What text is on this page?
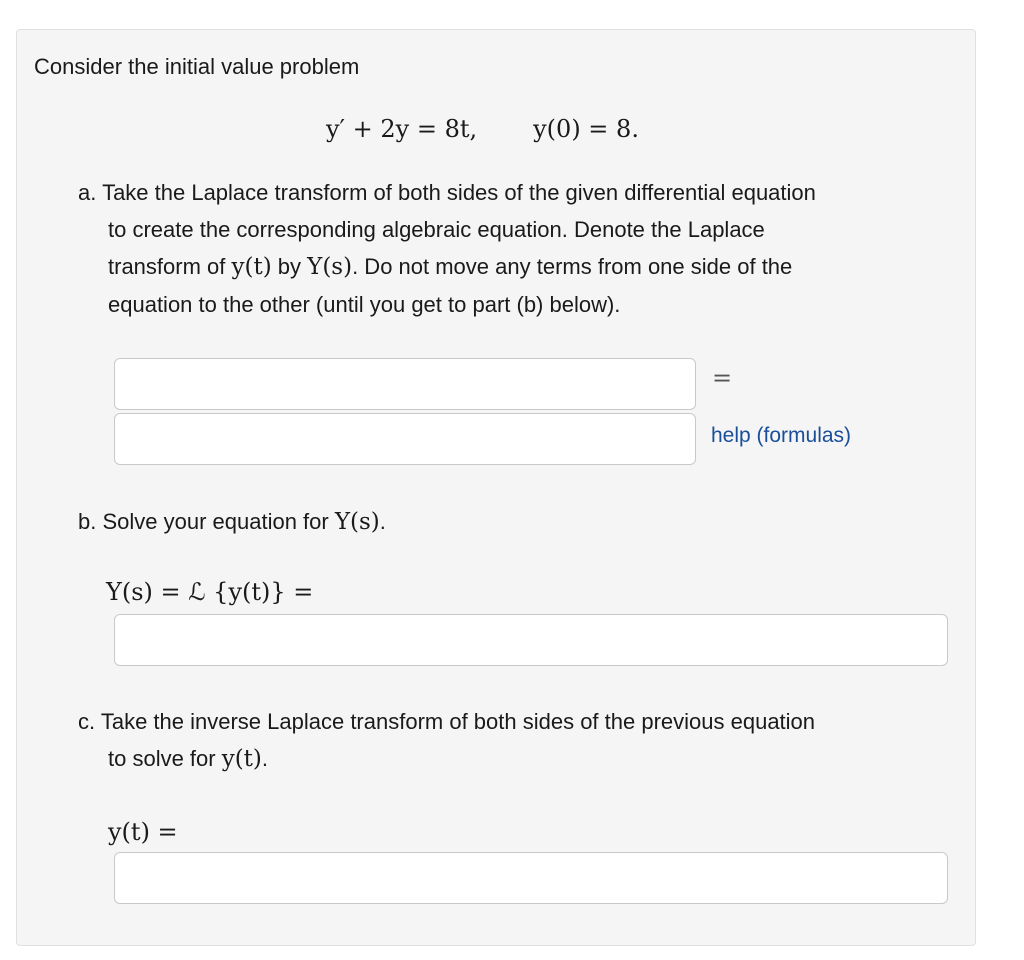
Consider the initial value problem

y′ + 2y = 8t, y(0) = 8.
a. Take the Laplace transform of both sides of the given differential equation
to create the corresponding algebraic equation. Denote the Laplace
transform of y(t) by Y(s). Do not move any terms from one side of the
equation to the other (until you get to part (b) below).
=
help (formulas)
b. Solve your equation for Y(s).
Y(s) = ℒ {y(t)} =
c. Take the inverse Laplace transform of both sides of the previous equation
to solve for y(t).
y(t) =
